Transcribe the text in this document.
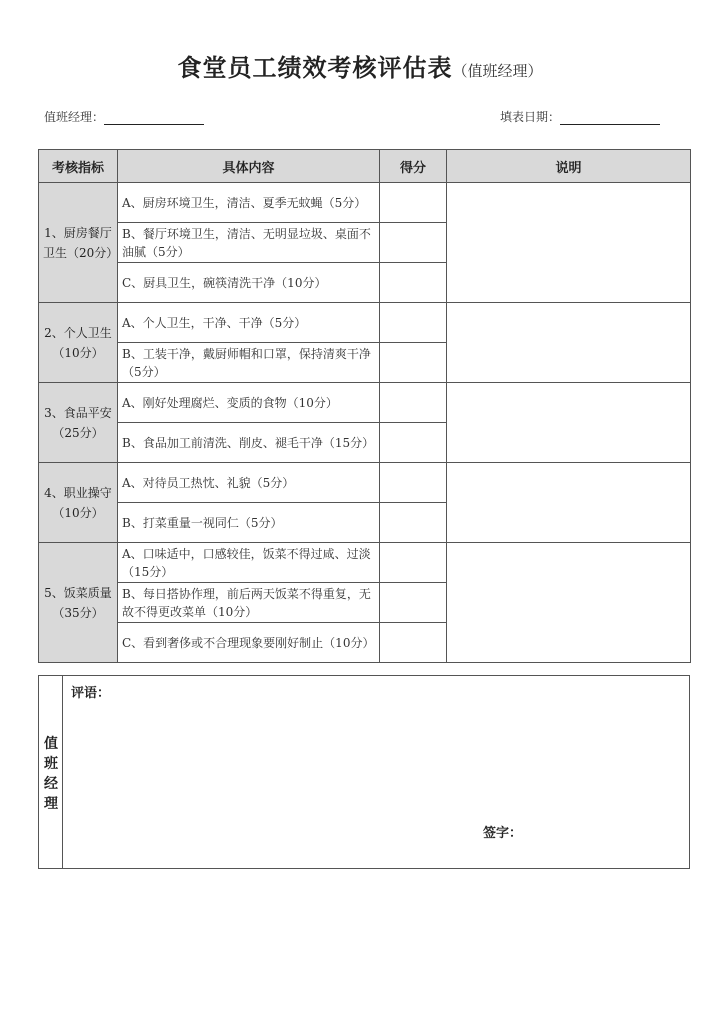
食堂员工绩效考核评估表（值班经理）
值班经理：	填表日期：
考核指标	具体内容	得分	说明
1、厨房餐厅卫生（20分）	A、厨房环境卫生，清洁、夏季无蚊蝇（5分）		
	B、餐厅环境卫生，清洁、无明显垃圾、桌面不油腻（5分）		
	C、厨具卫生，碗筷清洗干净（10分）		
2、个人卫生（10分）	A、个人卫生，干净、干净（5分）		
	B、工装干净，戴厨师帽和口罩，保持清爽干净（5分）		
3、食品平安（25分）	A、刚好处理腐烂、变质的食物（10分）		
	B、食品加工前清洗、削皮、褪毛干净（15分）		
4、职业操守（10分）	A、对待员工热忱、礼貌（5分）		
	B、打菜重量一视同仁（5分）		
5、饭菜质量（35分）	A、口味适中，口感较佳，饭菜不得过咸、过淡（15分）		
	B、每日搭协作理，前后两天饭菜不得重复，无故不得更改菜单（10分）		
	C、看到奢侈或不合理现象要刚好制止（10分）		
值班经理
评语：
签字：
